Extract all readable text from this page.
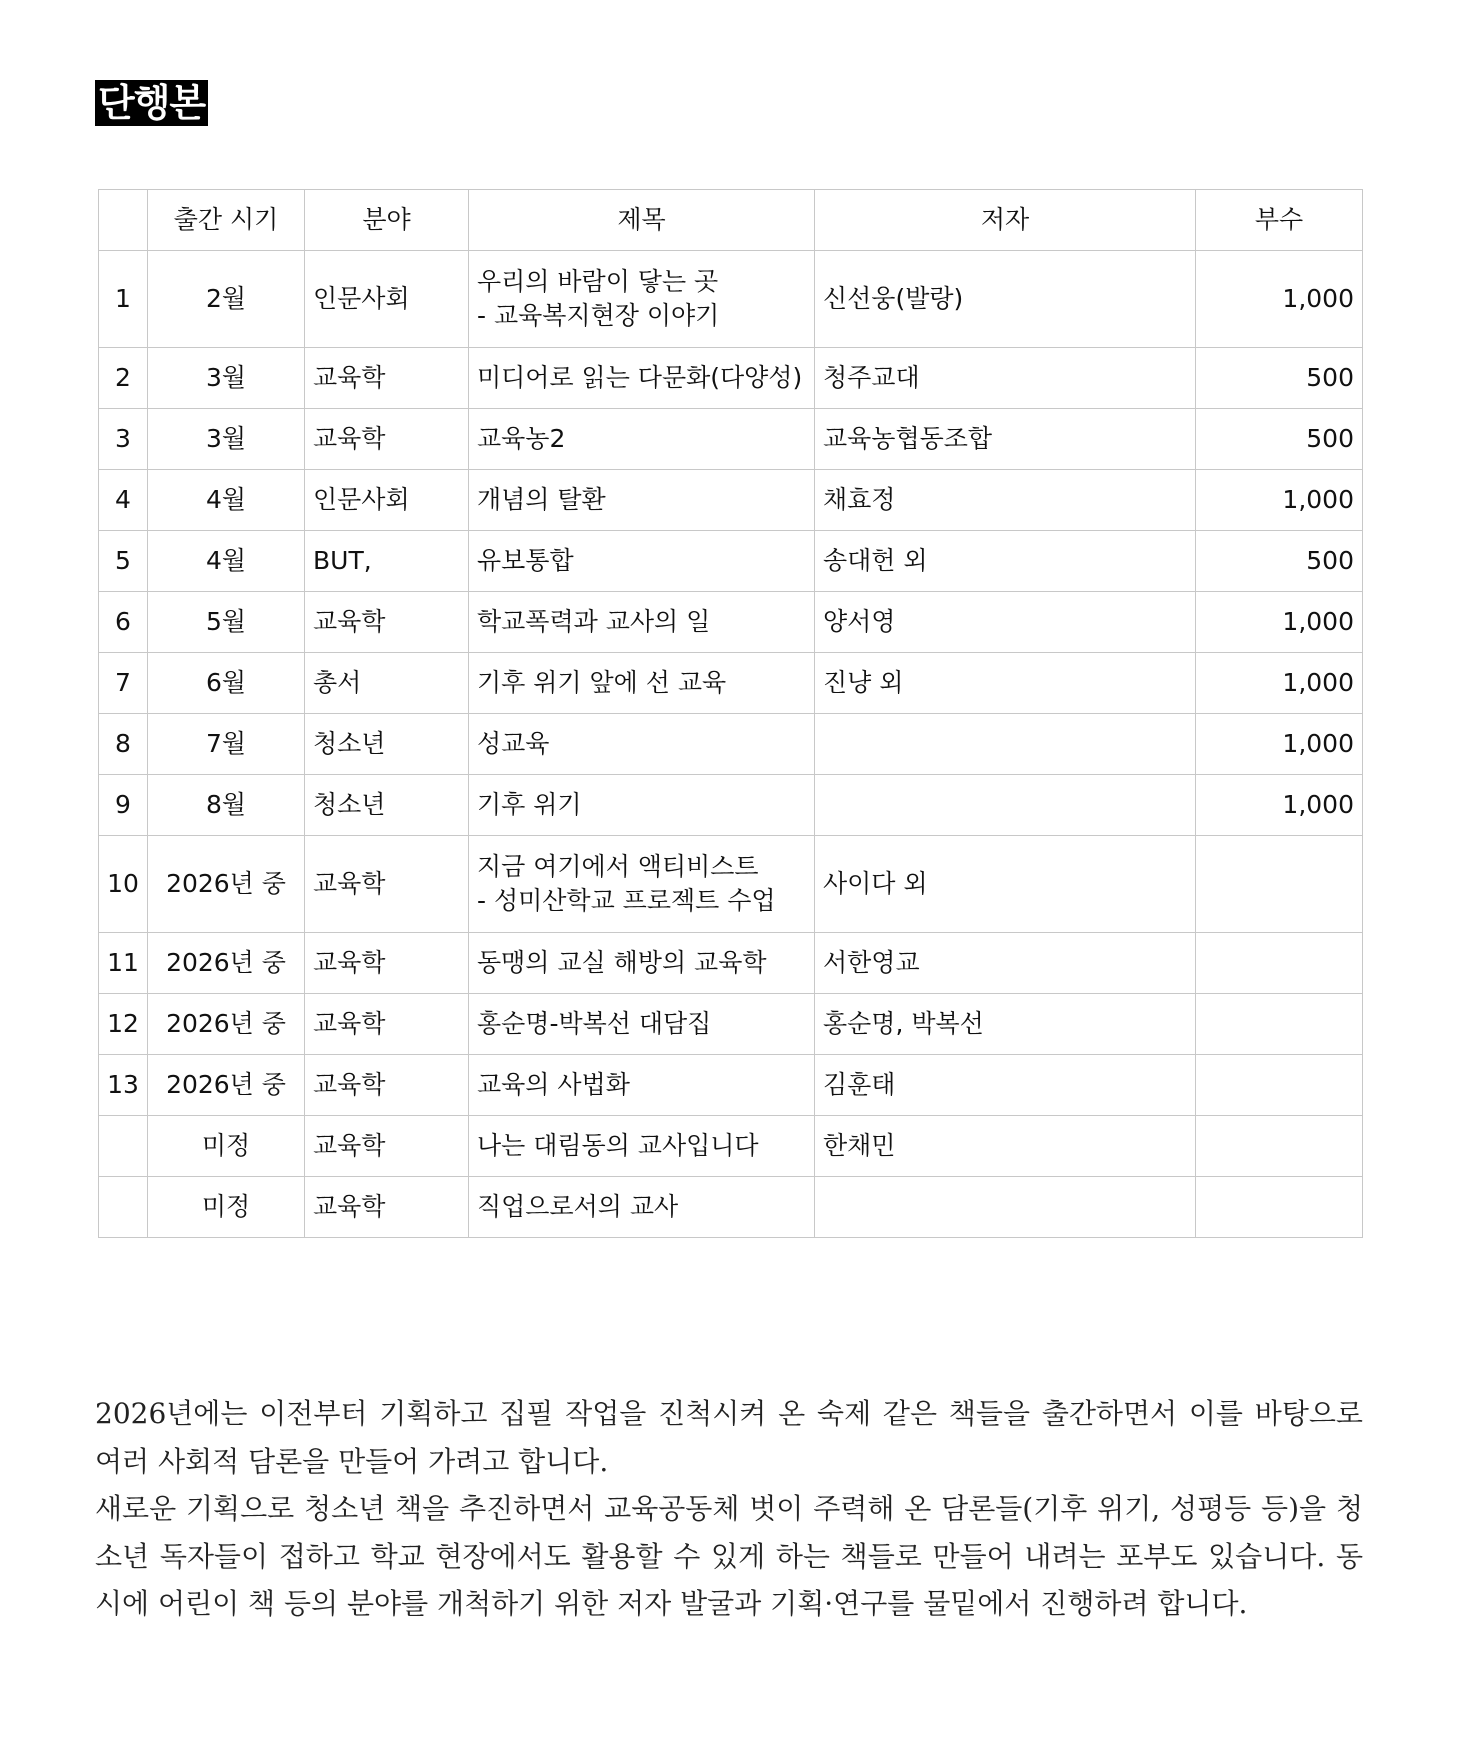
단행본
	출간 시기	분야	제목	저자	부수
1	2월	인문사회	우리의 바람이 닿는 곳
- 교육복지현장 이야기	신선웅(발랑)	1,000
2	3월	교육학	미디어로 읽는 다문화(다양성)	청주교대	500
3	3월	교육학	교육농2	교육농협동조합	500
4	4월	인문사회	개념의 탈환	채효정	1,000
5	4월	BUT,	유보통합	송대헌 외	500
6	5월	교육학	학교폭력과 교사의 일	양서영	1,000
7	6월	총서	기후 위기 앞에 선 교육	진냥 외	1,000
8	7월	청소년	성교육		1,000
9	8월	청소년	기후 위기		1,000
10	2026년 중	교육학	지금 여기에서 액티비스트
- 성미산학교 프로젝트 수업	사이다 외	
11	2026년 중	교육학	동맹의 교실 해방의 교육학	서한영교	
12	2026년 중	교육학	홍순명-박복선 대담집	홍순명, 박복선	
13	2026년 중	교육학	교육의 사법화	김훈태	
	미정	교육학	나는 대림동의 교사입니다	한채민	
	미정	교육학	직업으로서의 교사		

2026년에는 이전부터 기획하고 집필 작업을 진척시켜 온 숙제 같은 책들을 출간하면서 이를 바탕으로 여러 사회적 담론을 만들어 가려고 합니다.

새로운 기획으로 청소년 책을 추진하면서 교육공동체 벗이 주력해 온 담론들(기후 위기, 성평등 등)을 청소년 독자들이 접하고 학교 현장에서도 활용할 수 있게 하는 책들로 만들어 내려는 포부도 있습니다. 동시에 어린이 책 등의 분야를 개척하기 위한 저자 발굴과 기획·연구를 물밑에서 진행하려 합니다.
